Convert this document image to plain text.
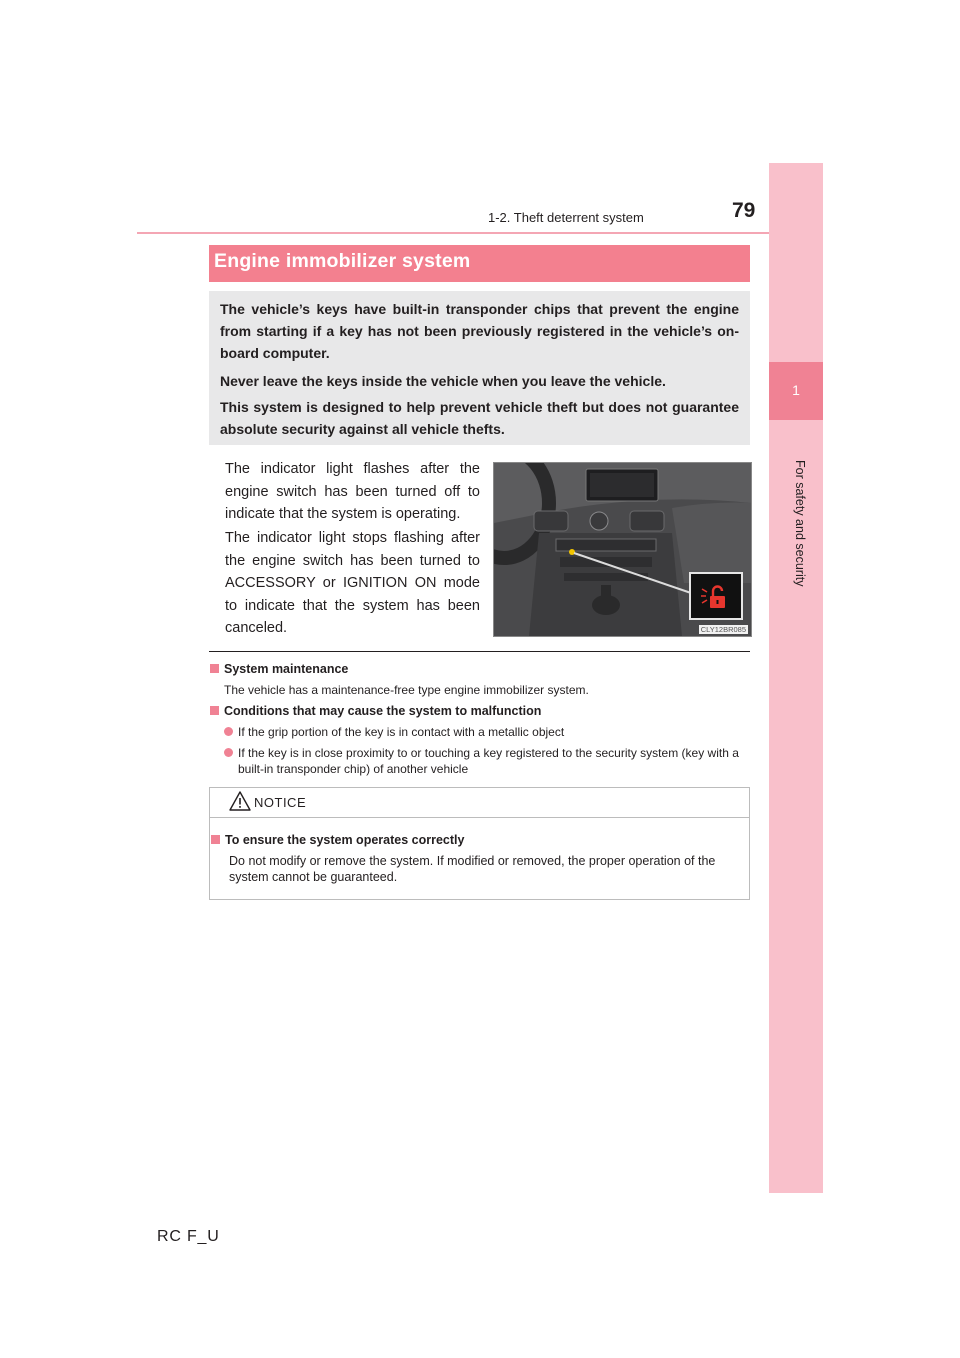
1-2. Theft deterrent system	79
1
For safety and security
Engine immobilizer system

The vehicle’s keys have built-in transponder chips that prevent the engine from starting if a key has not been previously registered in the vehicle’s on-board computer.

Never leave the keys inside the vehicle when you leave the vehicle.

This system is designed to help prevent vehicle theft but does not guarantee absolute security against all vehicle thefts.

The indicator light flashes after the engine switch has been turned off to indicate that the system is operating.

The indicator light stops flashing after the engine switch has been turned to ACCESSORY or IGNITION ON mode to indicate that the system has been canceled.	CLY12BR085
System maintenance

The vehicle has a maintenance-free type engine immobilizer system.

Conditions that may cause the system to malfunction
If the grip portion of the key is in contact with a metallic object
If the key is in close proximity to or touching a key registered to the security system (key with a built-in transponder chip) of another vehicle
NOTICE
To ensure the system operates correctly

Do not modify or remove the system. If modified or removed, the proper operation of the system cannot be guaranteed.

RC F_U
